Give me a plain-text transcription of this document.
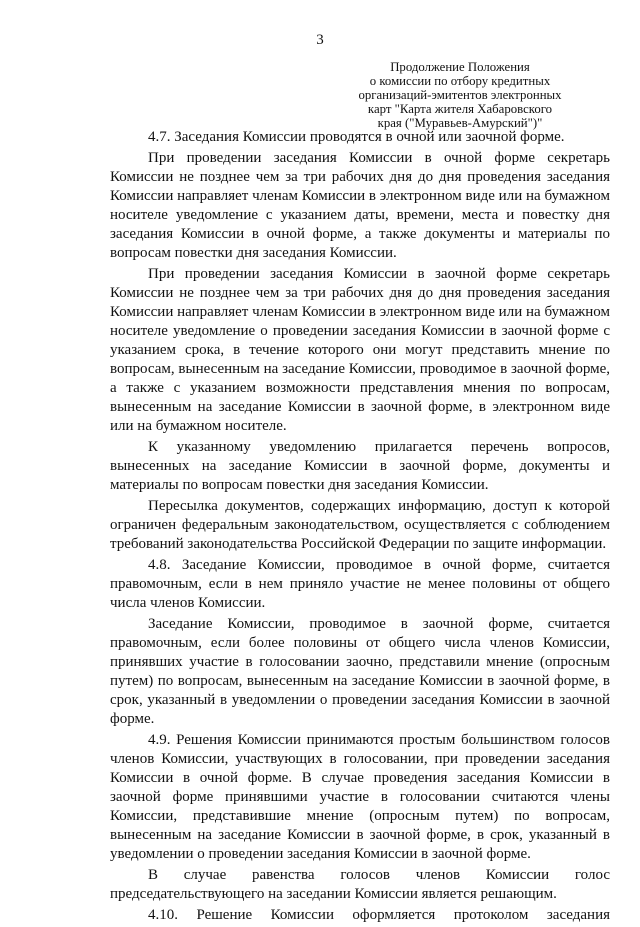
3
Продолжение Положения
о комиссии по отбору кредитных
организаций-эмитентов электронных
карт "Карта жителя Хабаровского
края ("Муравьев-Амурский")"

4.7. Заседания Комиссии проводятся в очной или заочной форме.

При проведении заседания Комиссии в очной форме секретарь Комиссии не позднее чем за три рабочих дня до дня проведения заседания Комиссии направляет членам Комиссии в электронном виде или на бумажном носителе уведомление с указанием даты, времени, места и повестку дня заседания Комиссии в очной форме, а также документы и материалы по вопросам повестки дня заседания Комиссии.

При проведении заседания Комиссии в заочной форме секретарь Комиссии не позднее чем за три рабочих дня до дня проведения заседания Комиссии направляет членам Комиссии в электронном виде или на бумажном носителе уведомление о проведении заседания Комиссии в заочной форме с указанием срока, в течение которого они могут представить мнение по вопросам, вынесенным на заседание Комиссии, проводимое в заочной форме, а также с указанием возможности представления мнения по вопросам, вынесенным на заседание Комиссии в заочной форме, в электронном виде или на бумажном носителе.

К указанному уведомлению прилагается перечень вопросов, вынесенных на заседание Комиссии в заочной форме, документы и материалы по вопросам повестки дня заседания Комиссии.

Пересылка документов, содержащих информацию, доступ к которой ограничен федеральным законодательством, осуществляется с соблюдением требований законодательства Российской Федерации по защите информации.

4.8. Заседание Комиссии, проводимое в очной форме, считается правомочным, если в нем приняло участие не менее половины от общего числа членов Комиссии.

Заседание Комиссии, проводимое в заочной форме, считается правомочным, если более половины от общего числа членов Комиссии, принявших участие в голосовании заочно, представили мнение (опросным путем) по вопросам, вынесенным на заседание Комиссии в заочной форме, в срок, указанный в уведомлении о проведении заседания Комиссии в заочной форме.

4.9. Решения Комиссии принимаются простым большинством голосов членов Комиссии, участвующих в голосовании, при проведении заседания Комиссии в очной форме. В случае проведения заседания Комиссии в заочной форме принявшими участие в голосовании считаются члены Комиссии, представившие мнение (опросным путем) по вопросам, вынесенным на заседание Комиссии в заочной форме, в срок, указанный в уведомлении о проведении заседания Комиссии в заочной форме.

В случае равенства голосов членов Комиссии голос председательствующего на заседании Комиссии является решающим.

4.10. Решение Комиссии оформляется протоколом заседания
